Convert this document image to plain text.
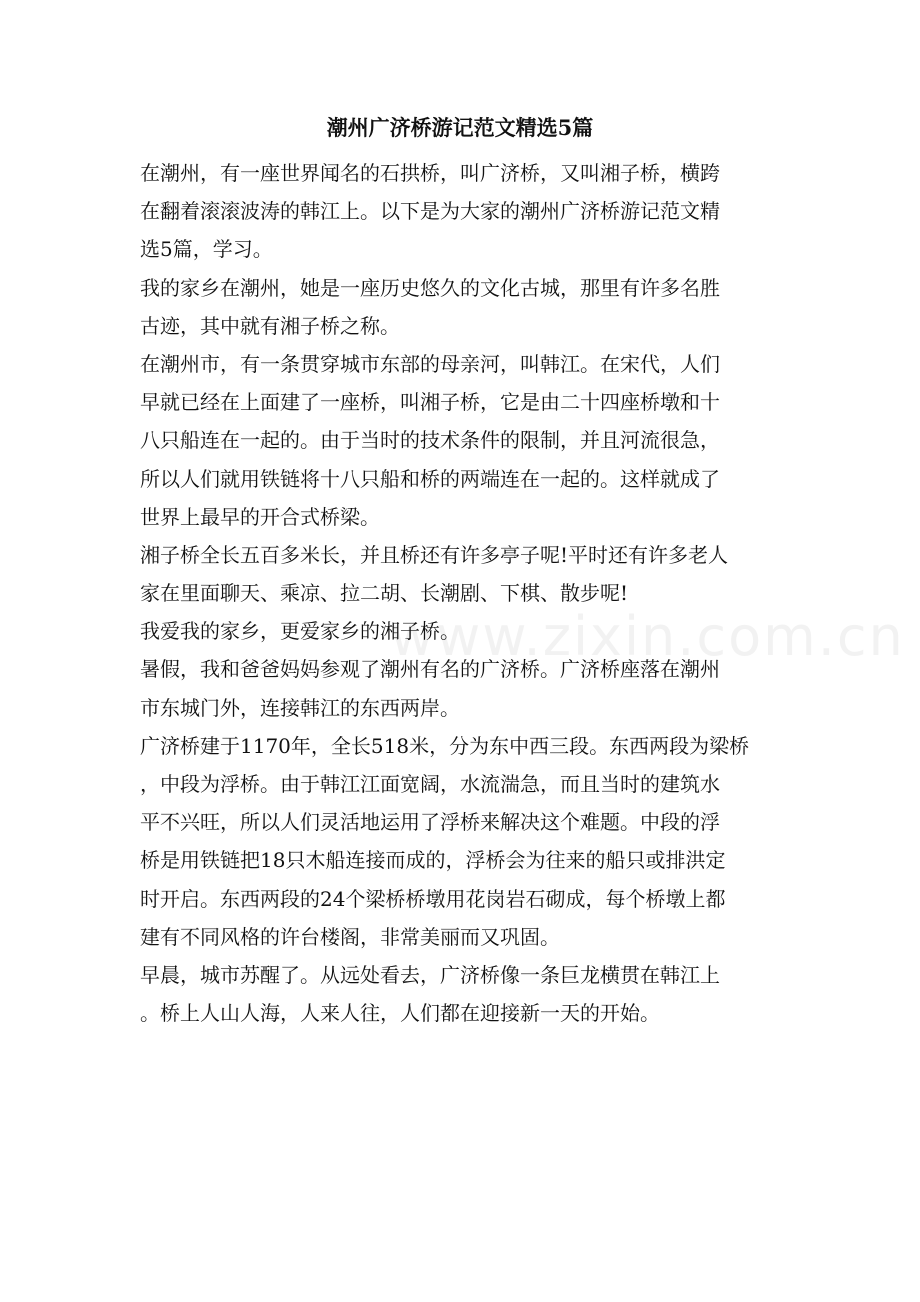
www.zixin.com.cn
潮州广济桥游记范文精选5篇
在潮州，有一座世界闻名的石拱桥，叫广济桥，又叫湘子桥，横跨
在翻着滚滚波涛的韩江上。以下是为大家的潮州广济桥游记范文精
选5篇，学习。
我的家乡在潮州，她是一座历史悠久的文化古城，那里有许多名胜
古迹，其中就有湘子桥之称。
在潮州市，有一条贯穿城市东部的母亲河，叫韩江。在宋代，人们
早就已经在上面建了一座桥，叫湘子桥，它是由二十四座桥墩和十
八只船连在一起的。由于当时的技术条件的限制，并且河流很急，
所以人们就用铁链将十八只船和桥的两端连在一起的。这样就成了
世界上最早的开合式桥梁。
湘子桥全长五百多米长，并且桥还有许多亭子呢!平时还有许多老人
家在里面聊天、乘凉、拉二胡、长潮剧、下棋、散步呢!
我爱我的家乡，更爱家乡的湘子桥。
暑假，我和爸爸妈妈参观了潮州有名的广济桥。广济桥座落在潮州
市东城门外，连接韩江的东西两岸。
广济桥建于1170年，全长518米，分为东中西三段。东西两段为梁桥
，中段为浮桥。由于韩江江面宽阔，水流湍急，而且当时的建筑水
平不兴旺，所以人们灵活地运用了浮桥来解决这个难题。中段的浮
桥是用铁链把18只木船连接而成的，浮桥会为往来的船只或排洪定
时开启。东西两段的24个梁桥桥墩用花岗岩石砌成，每个桥墩上都
建有不同风格的许台楼阁，非常美丽而又巩固。
早晨，城市苏醒了。从远处看去，广济桥像一条巨龙横贯在韩江上
。桥上人山人海，人来人往，人们都在迎接新一天的开始。
